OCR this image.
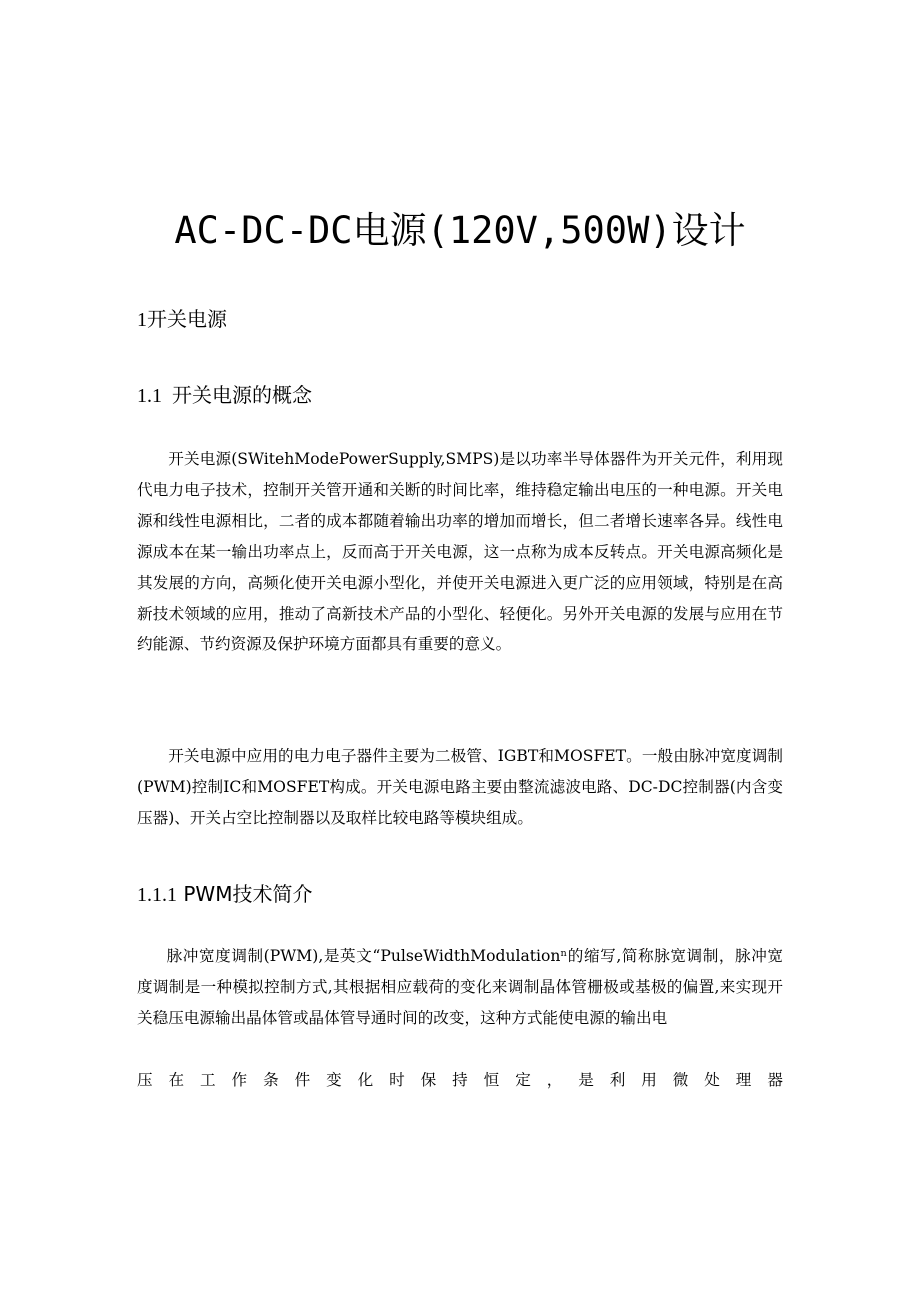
AC-DC-DC电源(120V,500W)设计
1开关电源
1.1 开关电源的概念

开关电源(SWitehModePowerSupply,SMPS)是以功率半导体器件为开关元件，利用现代电力电子技术，控制开关管开通和关断的时间比率，维持稳定输出电压的一种电源。开关电源和线性电源相比，二者的成本都随着输出功率的增加而增长，但二者增长速率各异。线性电源成本在某一输出功率点上，反而高于开关电源，这一点称为成本反转点。开关电源高频化是其发展的方向，高频化使开关电源小型化，并使开关电源进入更广泛的应用领域，特别是在高新技术领域的应用，推动了高新技术产品的小型化、轻便化。另外开关电源的发展与应用在节约能源、节约资源及保护环境方面都具有重要的意义。

开关电源中应用的电力电子器件主要为二极管、IGBT和MOSFET。一般由脉冲宽度调制(PWM)控制IC和MOSFET构成。开关电源电路主要由整流滤波电路、DC-DC控制器(内含变压器)、开关占空比控制器以及取样比较电路等模块组成。

1.1.1 PWM技术简介

脉冲宽度调制(PWM),是英文“PulseWidthModulationⁿ的缩写,简称脉宽调制，脉冲宽度调制是一种模拟控制方式,其根据相应载荷的变化来调制晶体管栅极或基极的偏置,来实现开关稳压电源输出晶体管或晶体管导通时间的改变，这种方式能使电源的输出电

压 在 工 作 条 件 变 化 时 保 持 恒 定 ， 是 利 用 微 处 理 器
